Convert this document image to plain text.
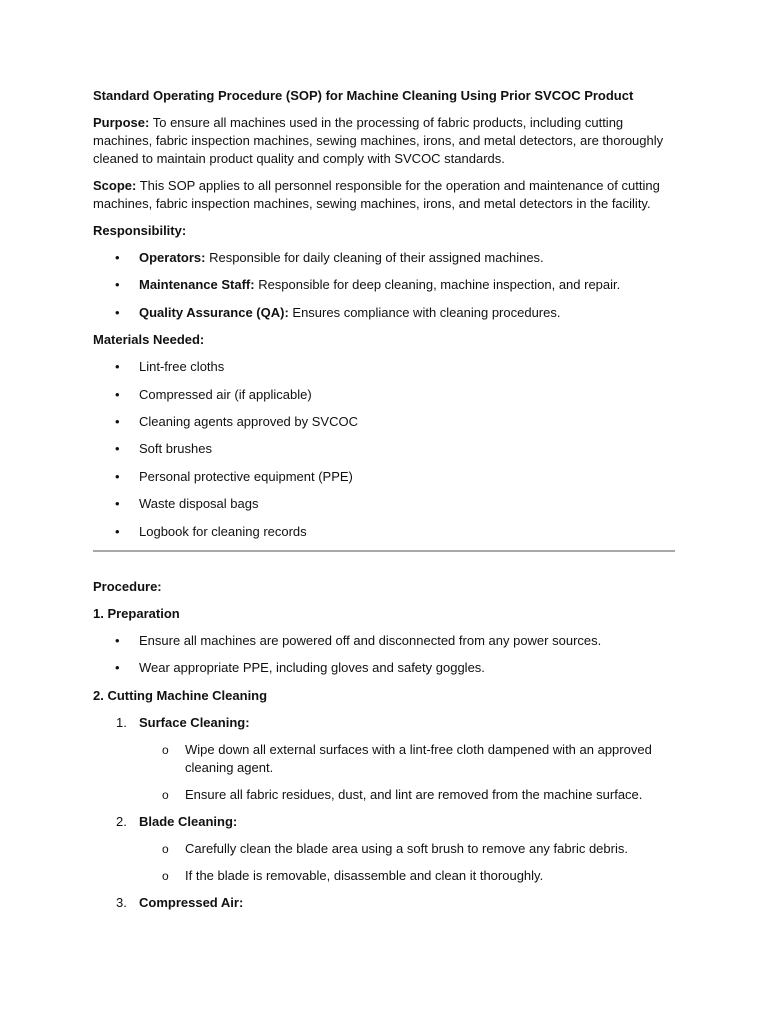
Standard Operating Procedure (SOP) for Machine Cleaning Using Prior SVCOC Product

Purpose: To ensure all machines used in the processing of fabric products, including cutting machines, fabric inspection machines, sewing machines, irons, and metal detectors, are thoroughly cleaned to maintain product quality and comply with SVCOC standards.

Scope: This SOP applies to all personnel responsible for the operation and maintenance of cutting machines, fabric inspection machines, sewing machines, irons, and metal detectors in the facility.

Responsibility:

• Operators: Responsible for daily cleaning of their assigned machines.
• Maintenance Staff: Responsible for deep cleaning, machine inspection, and repair.
• Quality Assurance (QA): Ensures compliance with cleaning procedures.

Materials Needed:

• Lint-free cloths
• Compressed air (if applicable)
• Cleaning agents approved by SVCOC
• Soft brushes
• Personal protective equipment (PPE)
• Waste disposal bags
• Logbook for cleaning records

Procedure:

1. Preparation

• Ensure all machines are powered off and disconnected from any power sources.
• Wear appropriate PPE, including gloves and safety goggles.

2. Cutting Machine Cleaning

1. Surface Cleaning:
o Wipe down all external surfaces with a lint-free cloth dampened with an approved cleaning agent.
o Ensure all fabric residues, dust, and lint are removed from the machine surface.
2. Blade Cleaning:
o Carefully clean the blade area using a soft brush to remove any fabric debris.
o If the blade is removable, disassemble and clean it thoroughly.
3. Compressed Air:
